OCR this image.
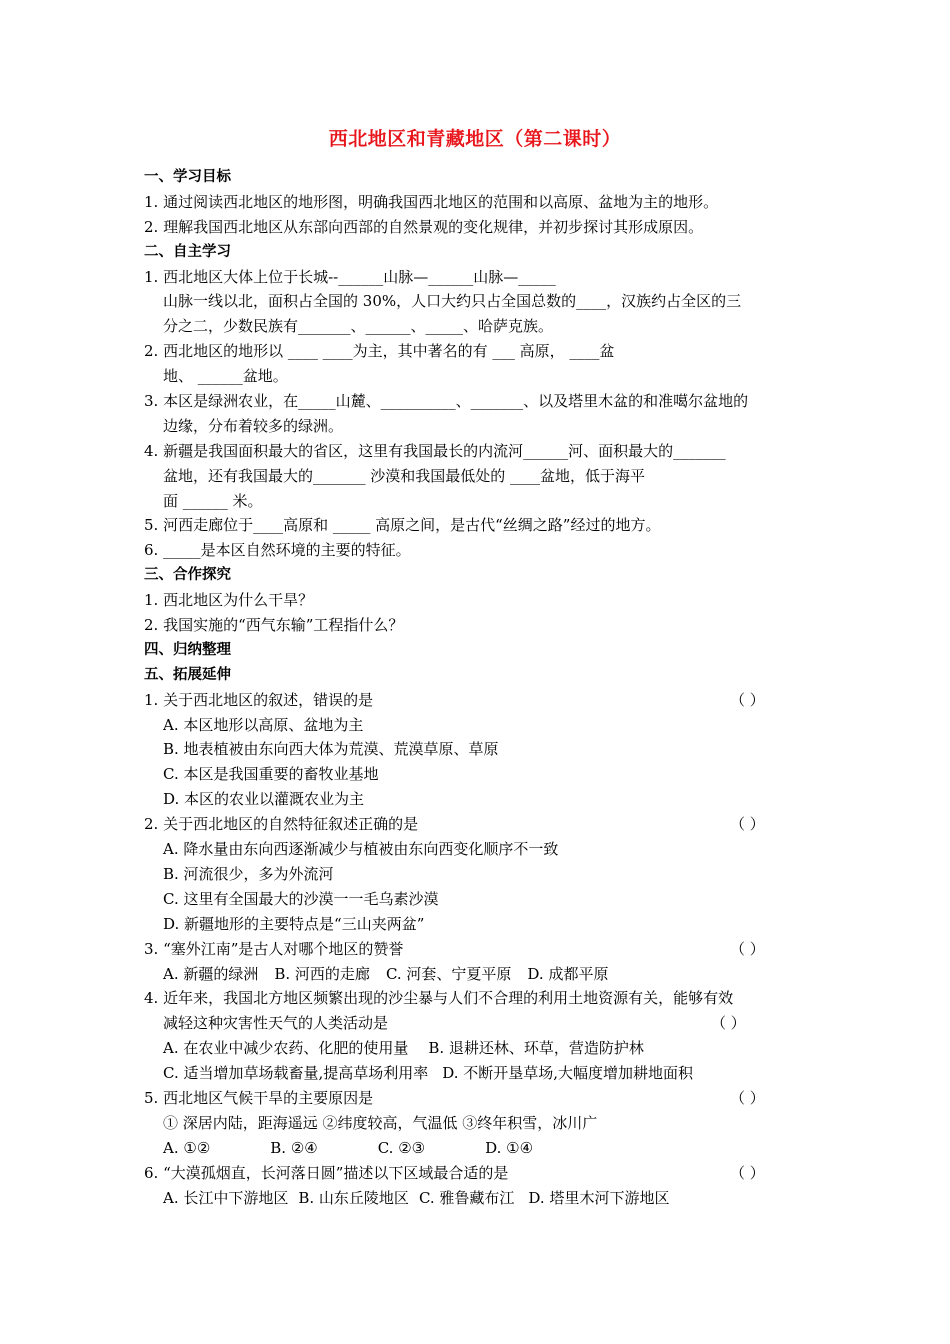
西北地区和青藏地区（第二课时）
一、学习目标
1. 通过阅读西北地区的地形图，明确我国西北地区的范围和以高原、盆地为主的地形。
2. 理解我国西北地区从东部向西部的自然景观的变化规律，并初步探讨其形成原因。
二、自主学习
1. 西北地区大体上位于长城--______山脉—______山脉—_____
山脉一线以北，面积占全国的 30%，人口大约只占全国总数的____，汉族约占全区的三
分之二，少数民族有_______、______、_____、哈萨克族。
2. 西北地区的地形以 ____ ____为主，其中著名的有 ___ 高原， ____盆
地、 ______盆地。
3. 本区是绿洲农业，在_____山麓、__________、_______、以及塔里木盆的和准噶尔盆地的
边缘，分布着较多的绿洲。
4. 新疆是我国面积最大的省区，这里有我国最长的内流河______河、面积最大的_______
盆地，还有我国最大的_______ 沙漠和我国最低处的 ____盆地，低于海平
面 ______ 米。
5. 河西走廊位于____高原和 _____ 高原之间，是古代“丝绸之路”经过的地方。
6. _____是本区自然环境的主要的特征。
三、合作探究
1. 西北地区为什么干旱？
2. 我国实施的“西气东输”工程指什么？
四、归纳整理
五、拓展延伸
1. 关于西北地区的叙述，错误的是	（ ）
A. 本区地形以高原、盆地为主
B. 地表植被由东向西大体为荒漠、荒漠草原、草原
C. 本区是我国重要的畜牧业基地
D. 本区的农业以灌溉农业为主
2. 关于西北地区的自然特征叙述正确的是	（ ）
A. 降水量由东向西逐渐减少与植被由东向西变化顺序不一致
B. 河流很少，多为外流河
C. 这里有全国最大的沙漠一一毛乌素沙漠
D. 新疆地形的主要特点是“三山夹两盆”
3. “塞外江南”是古人对哪个地区的赞誉	（ ）
A. 新疆的绿洲 B. 河西的走廊 C. 河套、宁夏平原 D. 成都平原
4. 近年来，我国北方地区频繁出现的沙尘暴与人们不合理的利用土地资源有关，能够有效
减轻这种灾害性天气的人类活动是	（ ）
A. 在农业中减少农药、化肥的使用量 B. 退耕还林、环草，营造防护林
C. 适当增加草场载畜量,提高草场利用率 D. 不断开垦草场,大幅度增加耕地面积
5. 西北地区气候干旱的主要原因是	（ ）
① 深居内陆，距海遥远 ②纬度较高，气温低 ③终年积雪，冰川广
A. ①②	B. ②④	C. ②③	D. ①④
6. “大漠孤烟直，长河落日圆”描述以下区域最合适的是	（ ）
A. 长江中下游地区 B. 山东丘陵地区 C. 雅鲁藏布江 D. 塔里木河下游地区
